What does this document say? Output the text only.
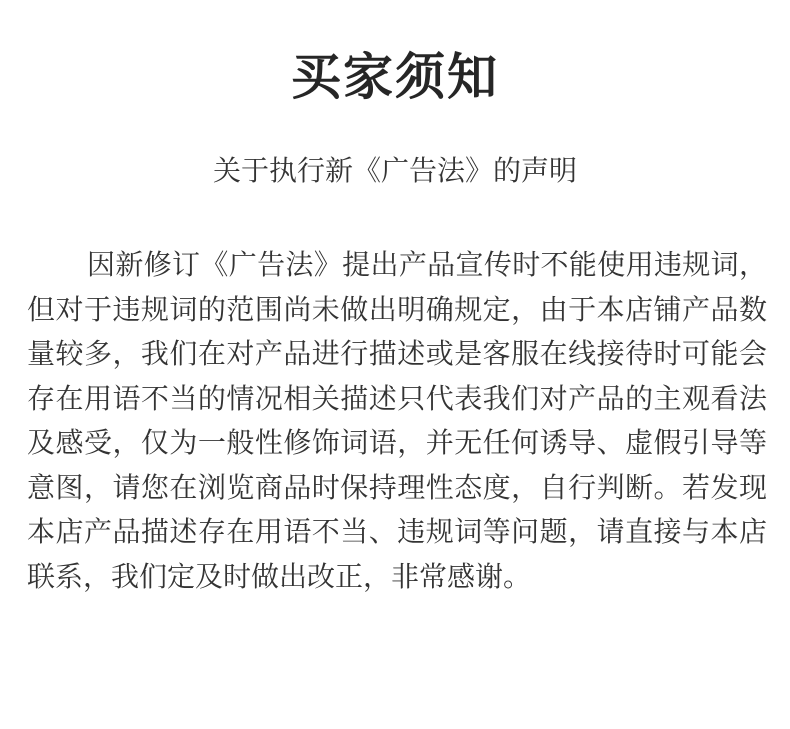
买家须知
关于执行新《广告法》的声明

因新修订《广告法》提出产品宣传时不能使用违规词，但对于违规词的范围尚未做出明确规定，由于本店铺产品数量较多，我们在对产品进行描述或是客服在线接待时可能会存在用语不当的情况相关描述只代表我们对产品的主观看法及感受，仅为一般性修饰词语，并无任何诱导、虚假引导等意图，请您在浏览商品时保持理性态度，自行判断。若发现本店产品描述存在用语不当、违规词等问题，请直接与本店联系，我们定及时做出改正，非常感谢。
